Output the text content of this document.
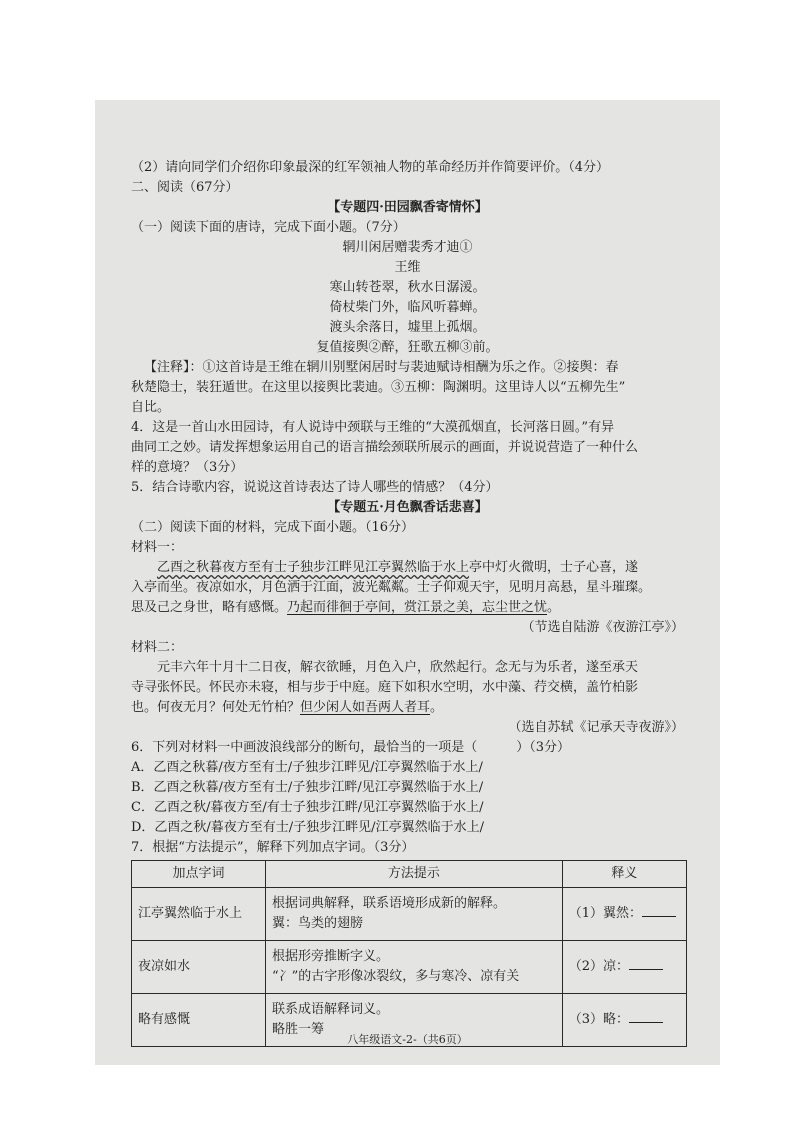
（2）请向同学们介绍你印象最深的红军领袖人物的革命经历并作简要评价。（4分）
二、阅读（67分）
【专题四·田园飘香寄情怀】
（一）阅读下面的唐诗，完成下面小题。（7分）
辋川闲居赠裴秀才迪①
王维
寒山转苍翠，秋水日潺湲。
倚杖柴门外，临风听暮蝉。
渡头余落日，墟里上孤烟。
复值接舆②醉，狂歌五柳③前。
【注释】：①这首诗是王维在辋川别墅闲居时与裴迪赋诗相酬为乐之作。②接舆：春
秋楚隐士，装狂遁世。在这里以接舆比裴迪。③五柳：陶渊明。这里诗人以“五柳先生”
自比。
4．这是一首山水田园诗，有人说诗中颈联与王维的“大漠孤烟直，长河落日圆。”有异
曲同工之妙。请发挥想象运用自己的语言描绘颈联所展示的画面，并说说营造了一种什么
样的意境？（3分）
5．结合诗歌内容，说说这首诗表达了诗人哪些的情感？（4分）
【专题五·月色飘香话悲喜】
（二）阅读下面的材料，完成下面小题。（16分）
材料一：
乙酉之秋暮夜方至有士子独步江畔见江亭翼然临于水上亭中灯火微明，士子心喜，遂
入亭而坐。夜凉如水，月色洒于江面，波光粼粼。士子仰观天宇，见明月高悬，星斗璀璨。
思及己之身世，略有感慨。乃起而徘徊于亭间，赏江景之美，忘尘世之忧。
（节选自陆游《夜游江亭》）
材料二：
元丰六年十月十二日夜，解衣欲睡，月色入户，欣然起行。念无与为乐者，遂至承天
寺寻张怀民。怀民亦未寝，相与步于中庭。庭下如积水空明，水中藻、荇交横，盖竹柏影
也。何夜无月？何处无竹柏？但少闲人如吾两人者耳。
（选自苏轼《记承天寺夜游》）
6．下列对材料一中画波浪线部分的断句，最恰当的一项是（　　　）（3分）
A．乙酉之秋暮/夜方至有士/子独步江畔见/江亭翼然临于水上/
B．乙酉之秋暮/夜方至有士/子独步江畔/见江亭翼然临于水上/
C．乙酉之秋/暮夜方至/有士子独步江畔/见江亭翼然临于水上/
D．乙酉之秋/暮夜方至有士/子独步江畔见/江亭翼然临于水上/
7．根据“方法提示”，解释下列加点字词。（3分）
加点字词	方法提示	释义
江亭翼然临于水上	根据词典解释，联系语境形成新的解释。
翼：鸟类的翅膀	（1）翼然：
夜凉如水	根据形旁推断字义。
“冫”的古字形像冰裂纹，多与寒冷、凉有关	（2）凉：
略有感慨	联系成语解释词义。
略胜一筹	（3）略：
八年级语文-2-（共6页）
